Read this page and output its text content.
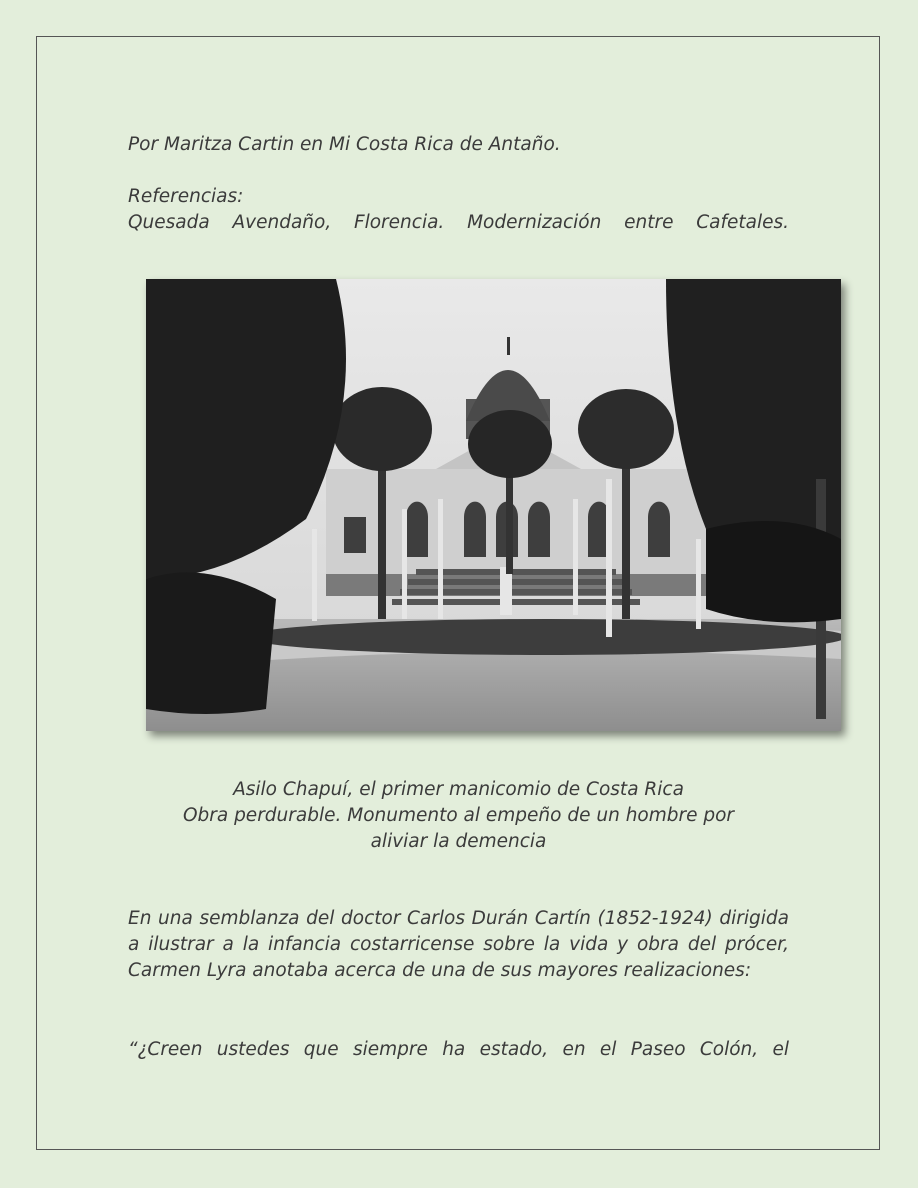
Por Maritza Cartin en Mi Costa Rica de Antaño.

Referencias:

Quesada Avendaño, Florencia. Modernización entre Cafetales.

Asilo Chapuí, el primer manicomio de Costa Rica
Obra perdurable. Monumento al empeño de un hombre por
aliviar la demencia

En una semblanza del doctor Carlos Durán Cartín (1852-1924) dirigida a ilustrar a la infancia costarricense sobre la vida y obra del prócer, Carmen Lyra anotaba acerca de una de sus mayores realizaciones:

“¿Creen ustedes que siempre ha estado, en el Paseo Colón, el
